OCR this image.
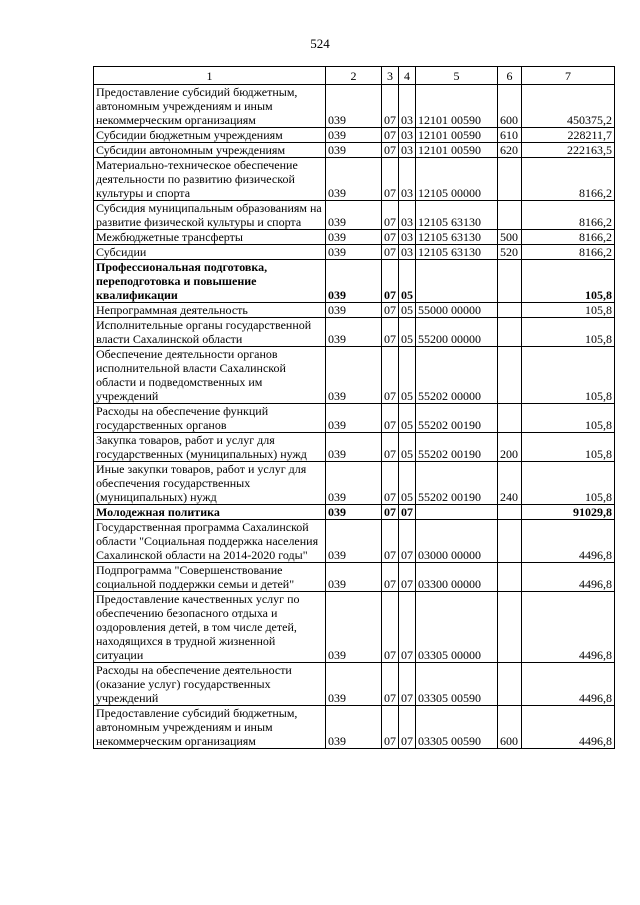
524
1	2	3	4	5	6	7
Предоставление субсидий бюджетным, автономным учреждениям и иным некоммерческим организациям	039	07	03	12101 00590	600	450375,2
Субсидии бюджетным учреждениям	039	07	03	12101 00590	610	228211,7
Субсидии автономным учреждениям	039	07	03	12101 00590	620	222163,5
Материально-техническое обеспечение деятельности по развитию физической культуры и спорта	039	07	03	12105 00000		8166,2
Субсидия муниципальным образованиям на развитие физической культуры и спорта	039	07	03	12105 63130		8166,2
Межбюджетные трансферты	039	07	03	12105 63130	500	8166,2
Субсидии	039	07	03	12105 63130	520	8166,2
Профессиональная подготовка, переподготовка и повышение квалификации	039	07	05			105,8
Непрограммная деятельность	039	07	05	55000 00000		105,8
Исполнительные органы государственной власти Сахалинской области	039	07	05	55200 00000		105,8
Обеспечение деятельности органов исполнительной власти Сахалинской области и подведомственных им учреждений	039	07	05	55202 00000		105,8
Расходы на обеспечение функций государственных органов	039	07	05	55202 00190		105,8
Закупка товаров, работ и услуг для государственных (муниципальных) нужд	039	07	05	55202 00190	200	105,8
Иные закупки товаров, работ и услуг для обеспечения государственных (муниципальных) нужд	039	07	05	55202 00190	240	105,8
Молодежная политика	039	07	07			91029,8
Государственная программа Сахалинской области "Социальная поддержка населения Сахалинской области на 2014-2020 годы"	039	07	07	03000 00000		4496,8
Подпрограмма "Совершенствование социальной поддержки семьи и детей"	039	07	07	03300 00000		4496,8
Предоставление качественных услуг по обеспечению безопасного отдыха и оздоровления детей, в том числе детей, находящихся в трудной жизненной ситуации	039	07	07	03305 00000		4496,8
Расходы на обеспечение деятельности (оказание услуг) государственных учреждений	039	07	07	03305 00590		4496,8
Предоставление субсидий бюджетным, автономным учреждениям и иным некоммерческим организациям	039	07	07	03305 00590	600	4496,8
